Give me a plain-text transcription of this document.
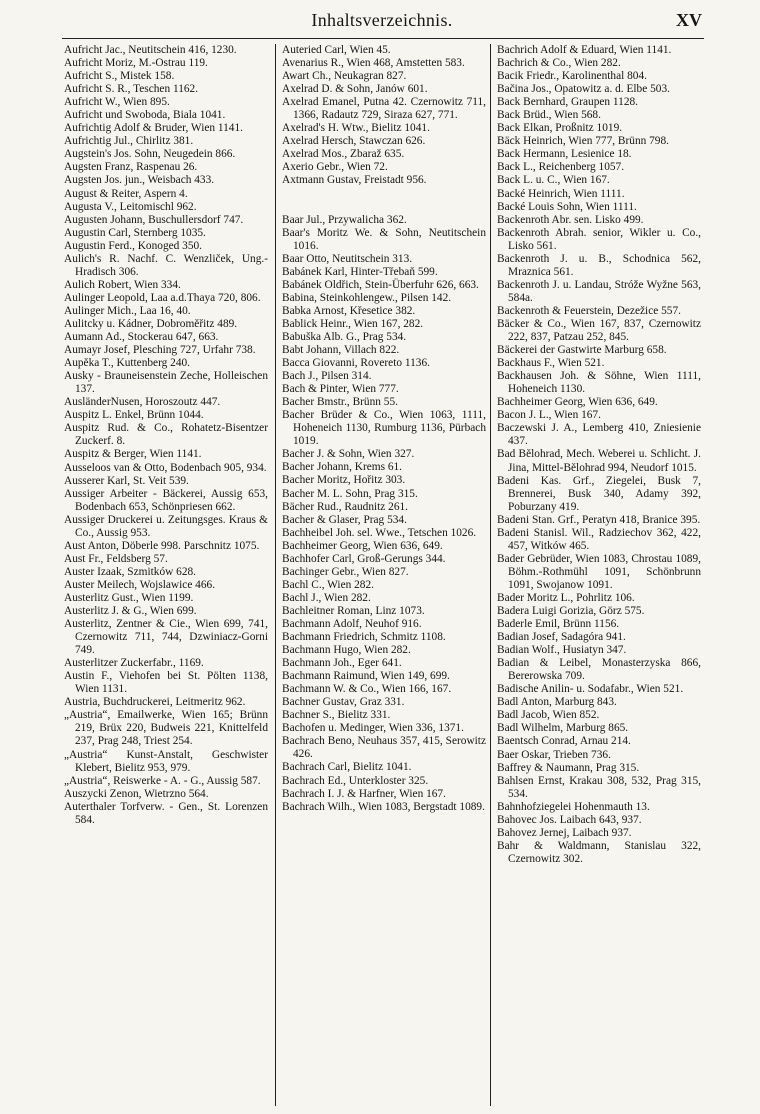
Inhaltsverzeichnis.	XV
Aufricht Jac., Neutitschein 416, 1230.
Aufricht Moriz, M.-Ostrau 119.
Aufricht S., Mistek 158.
Aufricht S. R., Teschen 1162.
Aufricht W., Wien 895.
Aufricht und Swoboda, Biala 1041.
Aufrichtig Adolf & Bruder, Wien 1141.
Aufrichtig Jul., Chirlitz 381.
Augstein's Jos. Sohn, Neugedein 866.
Augsten Franz, Raspenau 26.
Augsten Jos. jun., Weisbach 433.
August & Reiter, Aspern 4.
Augusta V., Leitomischl 962.
Augusten Johann, Buschullersdorf 747.
Augustin Carl, Sternberg 1035.
Augustin Ferd., Konoged 350.
Aulich's R. Nachf. C. Wenzliček, Ung.-Hradisch 306.
Aulich Robert, Wien 334.
Aulinger Leopold, Laa a.d.Thaya 720, 806.
Aulinger Mich., Laa 16, 40.
Aulitcky u. Kádner, Dobroměřitz 489.
Aumann Ad., Stockerau 647, 663.
Aumayr Josef, Plesching 727, Urfahr 738.
Aupěka T., Kuttenberg 240.
Ausky - Brauneisenstein Zeche, Holleischen 137.
AusländerNusen, Horoszoutz 447.
Auspitz L. Enkel, Brünn 1044.
Auspitz Rud. & Co., Rohatetz-Bisentzer Zuckerf. 8.
Auspitz & Berger, Wien 1141.
Ausseloos van & Otto, Bodenbach 905, 934.
Ausserer Karl, St. Veit 539.
Aussiger Arbeiter - Bäckerei, Aussig 653, Bodenbach 653, Schönpriesen 662.
Aussiger Druckerei u. Zeitungsges. Kraus & Co., Aussig 953.
Aust Anton, Döberle 998. Parschnitz 1075.
Aust Fr., Feldsberg 57.
Auster Izaak, Szmitków 628.
Auster Meilech, Wojslawice 466.
Austerlitz Gust., Wien 1199.
Austerlitz J. & G., Wien 699.
Austerlitz, Zentner & Cie., Wien 699, 741, Czernowitz 711, 744, Dzwiniacz-Gorni 749.
Austerlitzer Zuckerfabr., 1169.
Austin F., Viehofen bei St. Pölten 1138, Wien 1131.
Austria, Buchdruckerei, Leitmeritz 962.
„Austria“, Emailwerke, Wien 165; Brünn 219, Brüx 220, Budweis 221, Knittelfeld 237, Prag 248, Triest 254.
„Austria“ Kunst-Anstalt, Geschwister Klebert, Bielitz 953, 979.
„Austria“, Reiswerke - A. - G., Aussig 587.
Auszycki Zenon, Wietrzno 564.
Auterthaler Torfverw. - Gen., St. Lorenzen 584.
Auteried Carl, Wien 45.
Avenarius R., Wien 468, Amstetten 583.
Awart Ch., Neukagran 827.
Axelrad D. & Sohn, Janów 601.
Axelrad Emanel, Putna 42. Czernowitz 711, 1366, Radautz 729, Siraza 627, 771.
Axelrad's H. Wtw., Bielitz 1041.
Axelrad Hersch, Stawczan 626.
Axelrad Mos., Zbaraž 635.
Axerio Gebr., Wien 72.
Axtmann Gustav, Freistadt 956.
Baar Jul., Przywalicha 362.
Baar's Moritz We. & Sohn, Neutitschein 1016.
Baar Otto, Neutitschein 313.
Babánek Karl, Hinter-Třebaň 599.
Babánek Oldřich, Stein-Überfuhr 626, 663.
Babina, Steinkohlengew., Pilsen 142.
Babka Arnost, Křesetice 382.
Bablick Heinr., Wien 167, 282.
Babuška Alb. G., Prag 534.
Babt Johann, Villach 822.
Bacca Giovanni, Rovereto 1136.
Bach J., Pilsen 314.
Bach & Pinter, Wien 777.
Bacher Bmstr., Brünn 55.
Bacher Brüder & Co., Wien 1063, 1111, Hoheneich 1130, Rumburg 1136, Pürbach 1019.
Bacher J. & Sohn, Wien 327.
Bacher Johann, Krems 61.
Bacher Moritz, Hořitz 303.
Bacher M. L. Sohn, Prag 315.
Bächer Rud., Raudnitz 261.
Bacher & Glaser, Prag 534.
Bachheibel Joh. sel. Wwe., Tetschen 1026.
Bachheimer Georg, Wien 636, 649.
Bachhofer Carl, Groß-Gerungs 344.
Bachinger Gebr., Wien 827.
Bachl C., Wien 282.
Bachl J., Wien 282.
Bachleitner Roman, Linz 1073.
Bachmann Adolf, Neuhof 916.
Bachmann Friedrich, Schmitz 1108.
Bachmann Hugo, Wien 282.
Bachmann Joh., Eger 641.
Bachmann Raimund, Wien 149, 699.
Bachmann W. & Co., Wien 166, 167.
Bachner Gustav, Graz 331.
Bachner S., Bielitz 331.
Bachofen u. Medinger, Wien 336, 1371.
Bachrach Beno, Neuhaus 357, 415, Serowitz 426.
Bachrach Carl, Bielitz 1041.
Bachrach Ed., Unterkloster 325.
Bachrach I. J. & Harfner, Wien 167.
Bachrach Wilh., Wien 1083, Bergstadt 1089.
Bachrich Adolf & Eduard, Wien 1141.
Bachrich & Co., Wien 282.
Bacik Friedr., Karolinenthal 804.
Bačina Jos., Opatowitz a. d. Elbe 503.
Back Bernhard, Graupen 1128.
Back Brüd., Wien 568.
Back Elkan, Proßnitz 1019.
Bäck Heinrich, Wien 777, Brünn 798.
Back Hermann, Lesienice 18.
Back L., Reichenberg 1057.
Back L. u. C., Wien 167.
Backé Heinrich, Wien 1111.
Backé Louis Sohn, Wien 1111.
Backenroth Abr. sen. Lisko 499.
Backenroth Abrah. senior, Wikler u. Co., Lisko 561.
Backenroth J. u. B., Schodnica 562, Mraznica 561.
Backenroth J. u. Landau, Stróže Wyžne 563, 584a.
Backenroth & Feuerstein, Dezežice 557.
Bäcker & Co., Wien 167, 837, Czernowitz 222, 837, Patzau 252, 845.
Bäckerei der Gastwirte Marburg 658.
Backhaus F., Wien 521.
Backhausen Joh. & Söhne, Wien 1111, Hoheneich 1130.
Bachheimer Georg, Wien 636, 649.
Bacon J. L., Wien 167.
Baczewski J. A., Lemberg 410, Zniesienie 437.
Bad Bělohrad, Mech. Weberei u. Schlicht. J. Jina, Mittel-Bělohrad 994, Neudorf 1015.
Badeni Kas. Grf., Ziegelei, Busk 7, Brennerei, Busk 340, Adamy 392, Poburzany 419.
Badeni Stan. Grf., Peratyn 418, Branice 395.
Badeni Stanisl. Wil., Radziechov 362, 422, 457, Witków 465.
Bader Gebrüder, Wien 1083, Chrostau 1089, Böhm.-Rothmühl 1091, Schönbrunn 1091, Swojanow 1091.
Bader Moritz L., Pohrlitz 106.
Badera Luigi Gorizia, Görz 575.
Baderle Emil, Brünn 1156.
Badian Josef, Sadagóra 941.
Badian Wolf., Husiatyn 347.
Badian & Leibel, Monasterzyska 866, Bererowska 709.
Badische Anilin- u. Sodafabr., Wien 521.
Badl Anton, Marburg 843.
Badl Jacob, Wien 852.
Badl Wilhelm, Marburg 865.
Baentsch Conrad, Arnau 214.
Baer Oskar, Trieben 736.
Baffrey & Naumann, Prag 315.
Bahlsen Ernst, Krakau 308, 532, Prag 315, 534.
Bahnhofziegelei Hohenmauth 13.
Bahovec Jos. Laibach 643, 937.
Bahovez Jernej, Laibach 937.
Bahr & Waldmann, Stanislau 322, Czernowitz 302.
